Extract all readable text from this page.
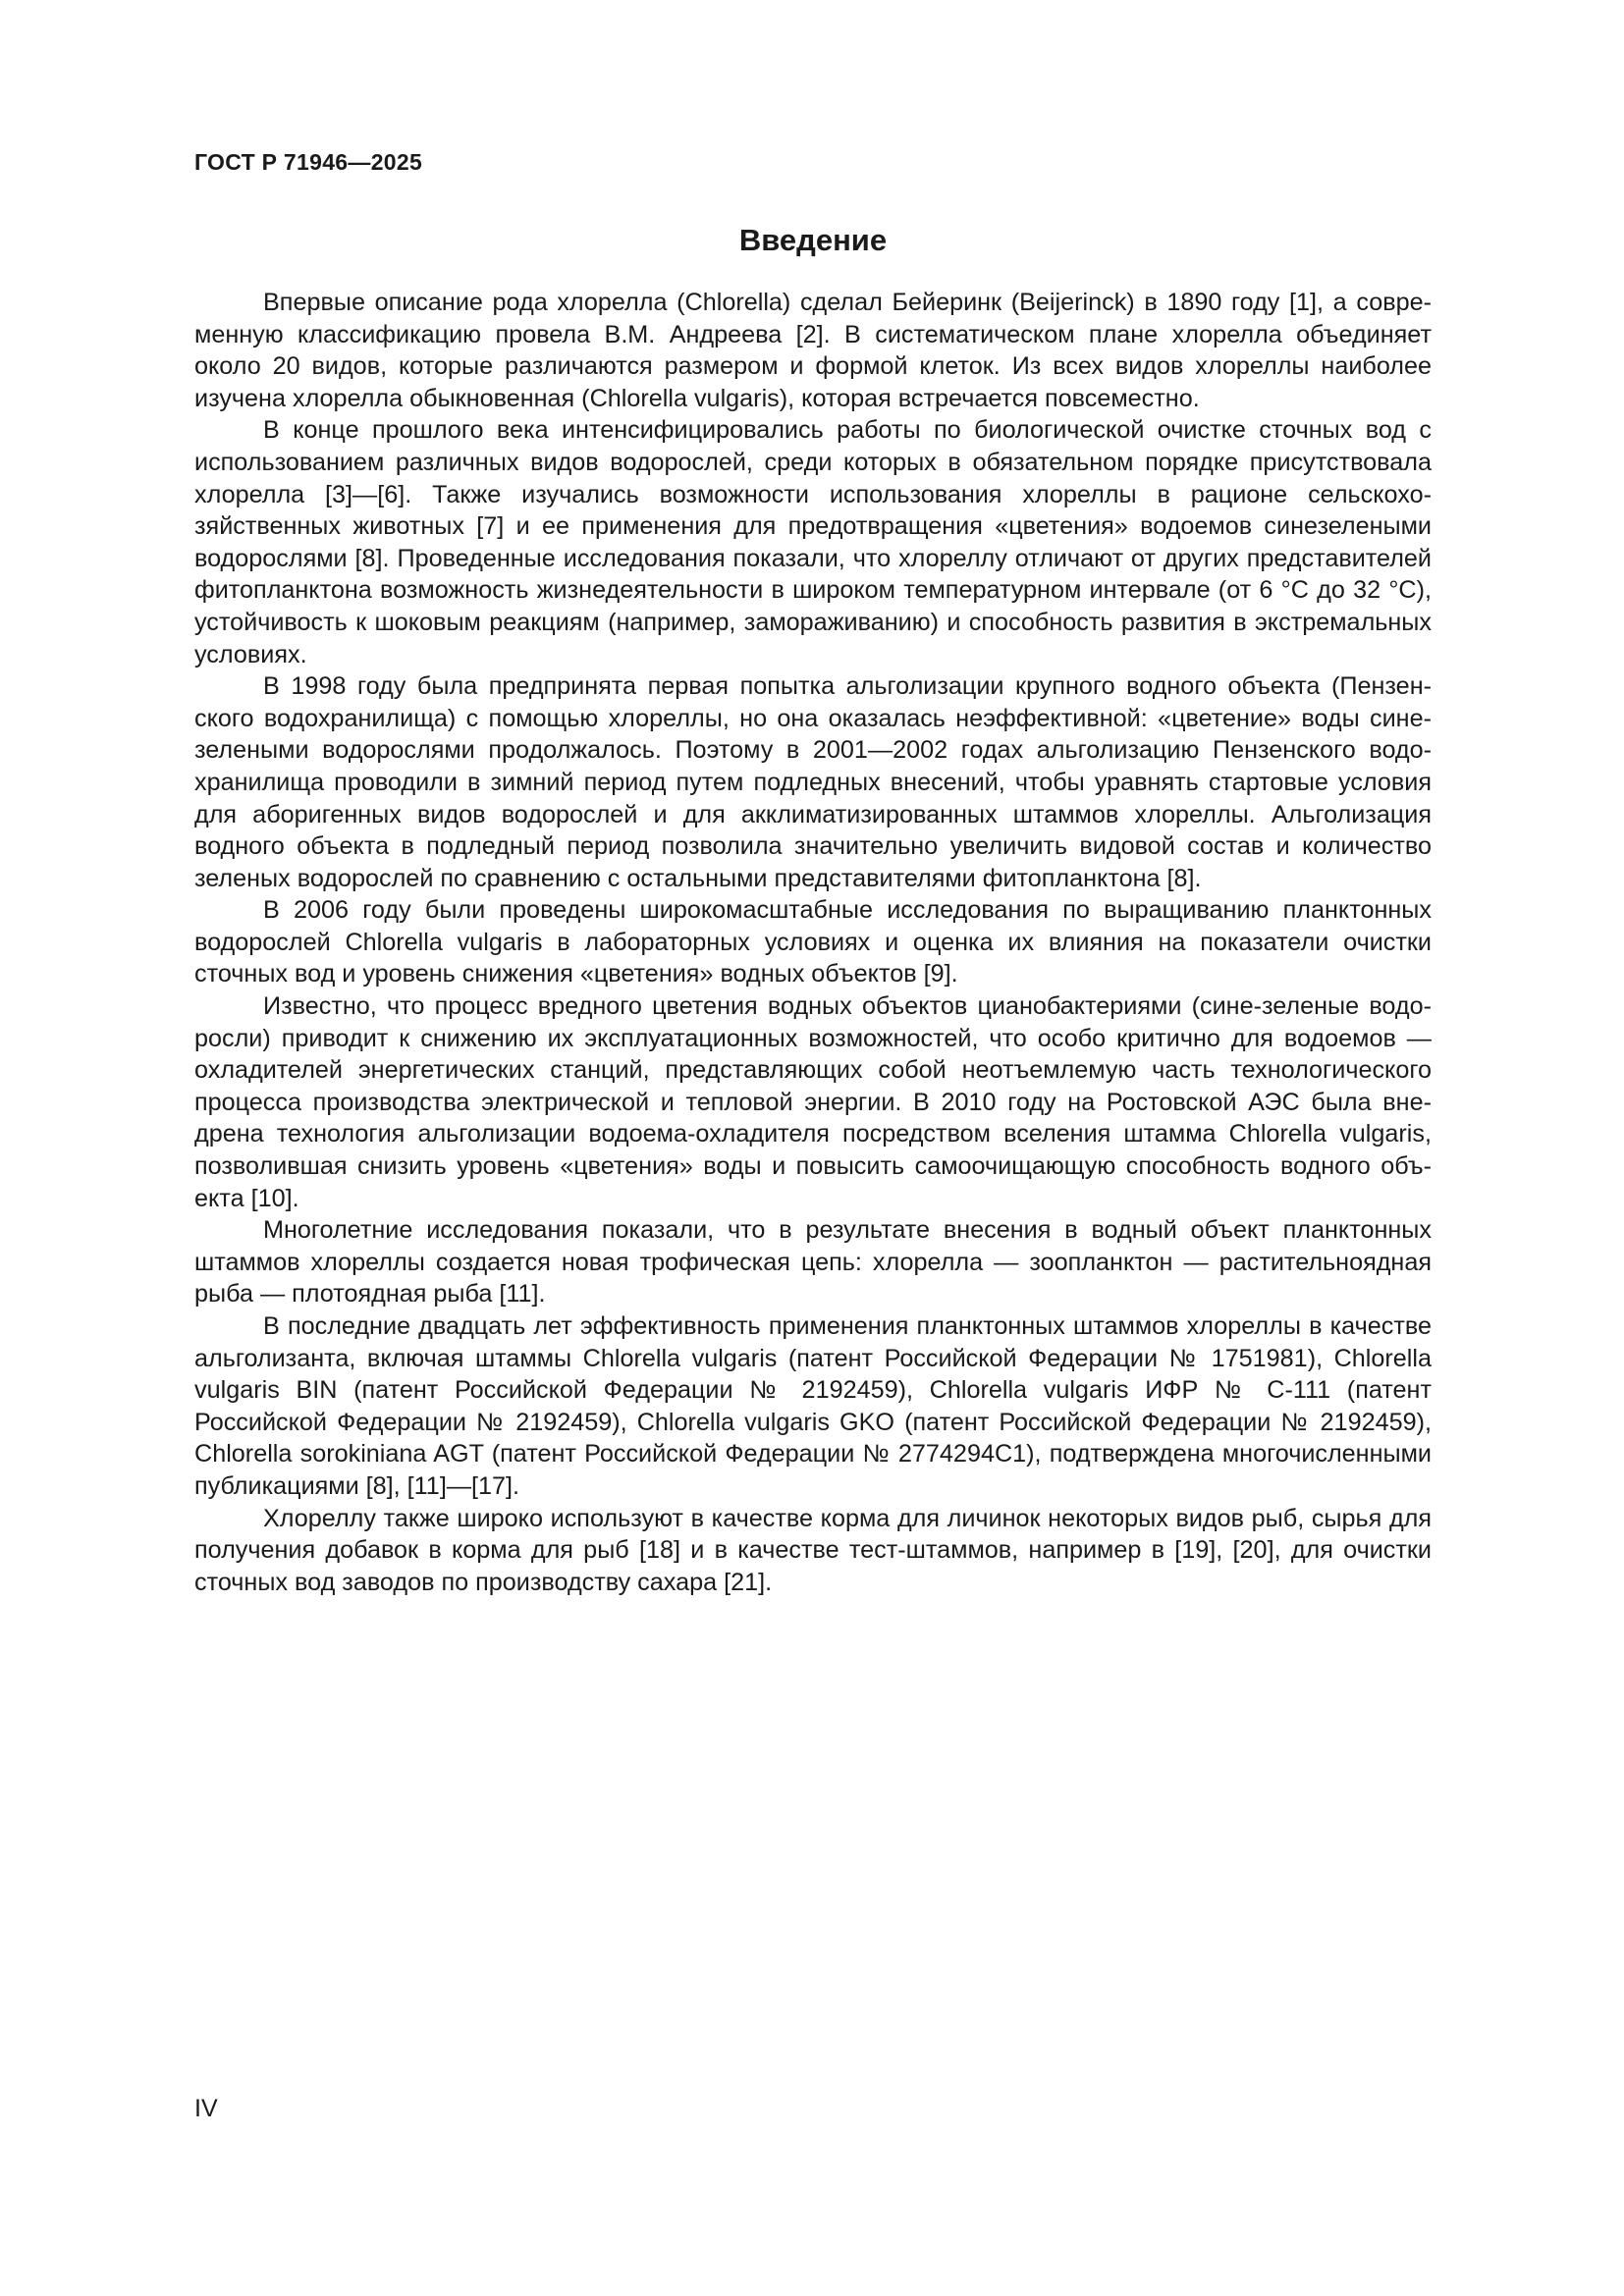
ГОСТ Р 71946—2025

Введение

Впервые описание рода хлорелла (Chlorella) сделал Бейеринк (Beijerinck) в 1890 году [1], а современную классификацию провела В.М. Андреева [2]. В систематическом плане хлорелла объединяет около 20 видов, которые различаются размером и формой клеток. Из всех видов хлореллы наиболее изучена хлорелла обыкновенная (Chlorella vulgaris), которая встречается повсеместно.

В конце прошлого века интенсифицировались работы по биологической очистке сточных вод с использованием различных видов водорослей, среди которых в обязательном порядке присутствовала хлорелла [3]—[6]. Также изучались возможности использования хлореллы в рационе сельскохозяйственных животных [7] и ее применения для предотвращения «цветения» водоемов синезелеными водорослями [8]. Проведенные исследования показали, что хлореллу отличают от других представителей фитопланктона возможность жизнедеятельности в широком температурном интервале (от 6 °С до 32 °С), устойчивость к шоковым реакциям (например, замораживанию) и способность развития в экстремальных условиях.

В 1998 году была предпринята первая попытка альголизации крупного водного объекта (Пензенского водохранилища) с помощью хлореллы, но она оказалась неэффективной: «цветение» воды синезелеными водорослями продолжалось. Поэтому в 2001—2002 годах альголизацию Пензенского водохранилища проводили в зимний период путем подледных внесений, чтобы уравнять стартовые условия для аборигенных видов водорослей и для акклиматизированных штаммов хлореллы. Альголизация водного объекта в подледный период позволила значительно увеличить видовой состав и количество зеленых водорослей по сравнению с остальными представителями фитопланктона [8].

В 2006 году были проведены широкомасштабные исследования по выращиванию планктонных водорослей Chlorella vulgaris в лабораторных условиях и оценка их влияния на показатели очистки сточных вод и уровень снижения «цветения» водных объектов [9].

Известно, что процесс вредного цветения водных объектов цианобактериями (сине-зеленые водоросли) приводит к снижению их эксплуатационных возможностей, что особо критично для водоемов — охладителей энергетических станций, представляющих собой неотъемлемую часть технологического процесса производства электрической и тепловой энергии. В 2010 году на Ростовской АЭС была внедрена технология альголизации водоема-охладителя посредством вселения штамма Chlorella vulgaris, позволившая снизить уровень «цветения» воды и повысить самоочищающую способность водного объекта [10].

Многолетние исследования показали, что в результате внесения в водный объект планктонных штаммов хлореллы создается новая трофическая цепь: хлорелла — зоопланктон — растительноядная рыба — плотоядная рыба [11].

В последние двадцать лет эффективность применения планктонных штаммов хлореллы в качестве альголизанта, включая штаммы Chlorella vulgaris (патент Российской Федерации № 1751981), Chlorella vulgaris BIN (патент Российской Федерации № 2192459), Chlorella vulgaris ИФР № С-111 (патент Российской Федерации № 2192459), Chlorella vulgaris GKO (патент Российской Федерации № 2192459), Chlorella sorokiniana AGT (патент Российской Федерации № 2774294C1), подтверждена многочисленными публикациями [8], [11]—[17].

Хлореллу также широко используют в качестве корма для личинок некоторых видов рыб, сырья для получения добавок в корма для рыб [18] и в качестве тест-штаммов, например в [19], [20], для очистки сточных вод заводов по производству сахара [21].

IV
